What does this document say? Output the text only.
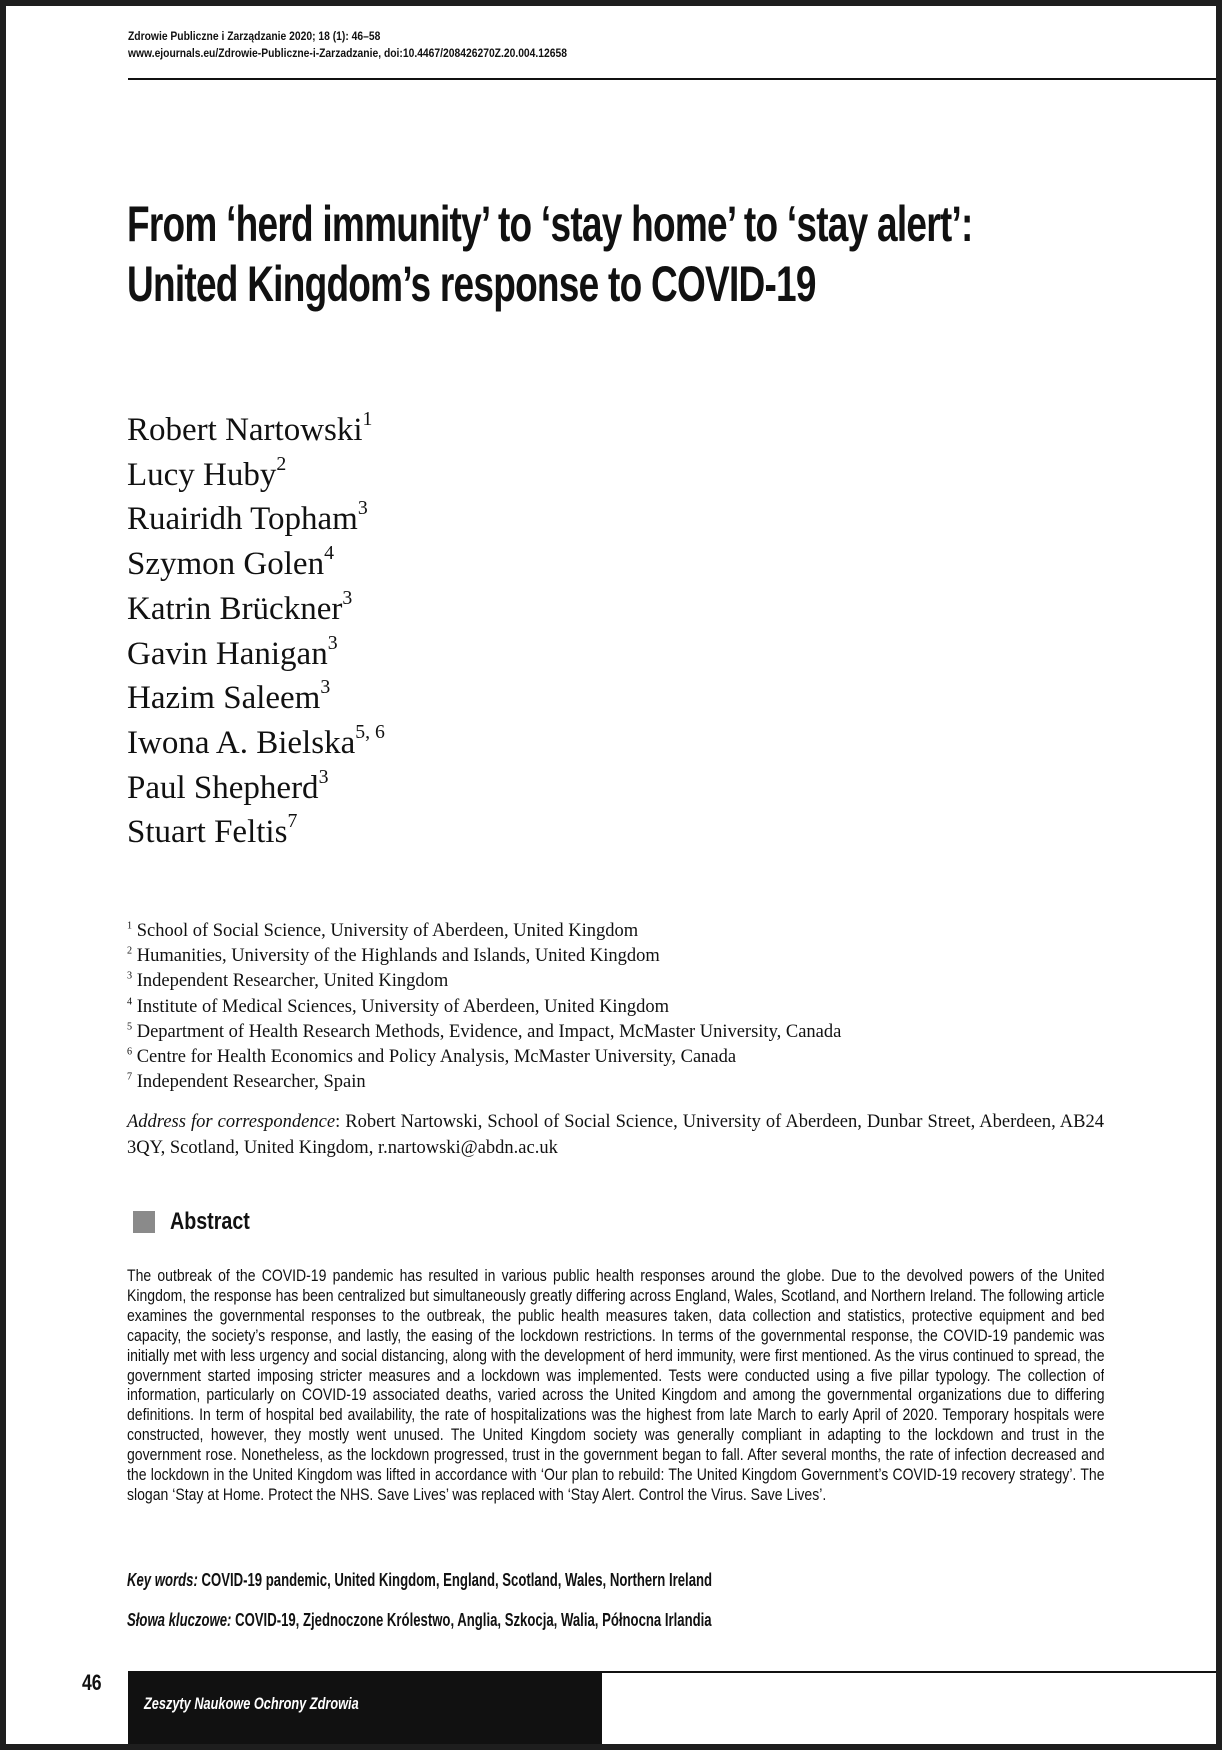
Zdrowie Publiczne i Zarządzanie 2020; 18 (1): 46–58
www.ejournals.eu/Zdrowie-Publiczne-i-Zarzadzanie, doi:10.4467/208426270Z.20.004.12658
From ‘herd immunity’ to ‘stay home’ to ‘stay alert’:
United Kingdom’s response to COVID-19
Robert Nartowski$^1$
Lucy Huby$^2$
Ruairidh Topham$^3$
Szymon Golen$^4$
Katrin Brückner$^3$
Gavin Hanigan$^3$
Hazim Saleem$^3$
Iwona A. Bielska$^{5, 6}$
Paul Shepherd$^3$
Stuart Feltis$^7$
$^1$ School of Social Science, University of Aberdeen, United Kingdom
$^2$ Humanities, University of the Highlands and Islands, United Kingdom
$^3$ Independent Researcher, United Kingdom
$^4$ Institute of Medical Sciences, University of Aberdeen, United Kingdom
$^5$ Department of Health Research Methods, Evidence, and Impact, McMaster University, Canada
$^6$ Centre for Health Economics and Policy Analysis, McMaster University, Canada
$^7$ Independent Researcher, Spain
Address for correspondence: Robert Nartowski, School of Social Science, University of Aberdeen, Dunbar Street, Aberdeen, AB24 3QY, Scotland, United Kingdom, r.nartowski@abdn.ac.uk
Abstract
The outbreak of the COVID-19 pandemic has resulted in various public health responses around the globe. Due to the devolved powers of the United Kingdom, the response has been centralized but simultaneously greatly differing across England, Wales, Scotland, and Northern Ireland. The following article examines the governmental responses to the outbreak, the public health measures taken, data collection and statistics, protective equipment and bed capacity, the society’s response, and lastly, the easing of the lockdown restrictions. In terms of the governmental response, the COVID-19 pandemic was initially met with less urgency and social distancing, along with the development of herd immunity, were first mentioned. As the virus continued to spread, the government started imposing stricter measures and a lockdown was implemented. Tests were conducted using a five pillar typology. The collection of information, particularly on COVID-19 associated deaths, varied across the United Kingdom and among the governmental organizations due to differing definitions. In term of hospital bed availability, the rate of hospitalizations was the highest from late March to early April of 2020. Temporary hospitals were constructed, however, they mostly went unused. The United Kingdom society was generally compliant in adapting to the lockdown and trust in the government rose. Nonetheless, as the lockdown progressed, trust in the government began to fall. After several months, the rate of infection decreased and the lockdown in the United Kingdom was lifted in accordance with ‘Our plan to rebuild: The United Kingdom Government’s COVID-19 recovery strategy’. The slogan ‘Stay at Home. Protect the NHS. Save Lives’ was replaced with ‘Stay Alert. Control the Virus. Save Lives’.
Key words: COVID-19 pandemic, United Kingdom, England, Scotland, Wales, Northern Ireland
Słowa kluczowe: COVID-19, Zjednoczone Królestwo, Anglia, Szkocja, Walia, Północna Irlandia
46
Zeszyty Naukowe Ochrony Zdrowia
